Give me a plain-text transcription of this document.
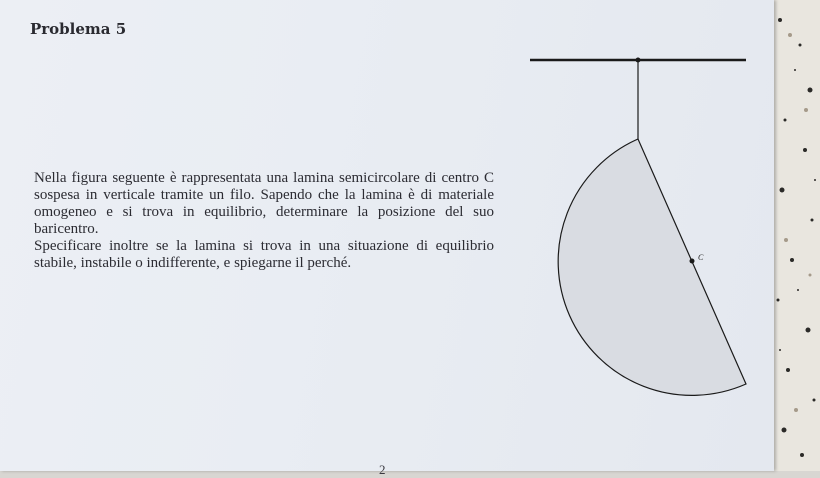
Problema 5

Nella figura seguente è rappresentata una lamina semicircolare di centro C sospesa in verticale tramite un filo. Sapendo che la lamina è di materiale omogeneo e si trova in equilibrio, determinare la posizione del suo baricentro.

Specificare inoltre se la lamina si trova in una situazione di equilibrio stabile, instabile o indifferente, e spiegarne il perché.	C
2
